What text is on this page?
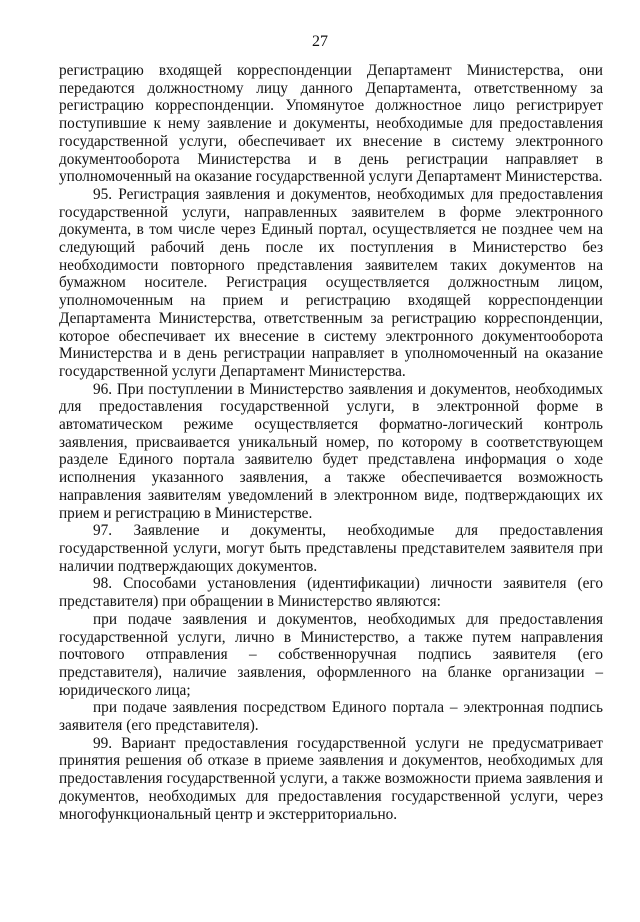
27

регистрацию входящей корреспонденции Департамент Министерства, они передаются должностному лицу данного Департамента, ответственному за регистрацию корреспонденции. Упомянутое должностное лицо регистрирует поступившие к нему заявление и документы, необходимые для предоставления государственной услуги, обеспечивает их внесение в систему электронного документооборота Министерства и в день регистрации направляет в уполномоченный на оказание государственной услуги Департамент Министерства.

95. Регистрация заявления и документов, необходимых для предоставления государственной услуги, направленных заявителем в форме электронного документа, в том числе через Единый портал, осуществляется не позднее чем на следующий рабочий день после их поступления в Министерство без необходимости повторного представления заявителем таких документов на бумажном носителе. Регистрация осуществляется должностным лицом, уполномоченным на прием и регистрацию входящей корреспонденции Департамента Министерства, ответственным за регистрацию корреспонденции, которое обеспечивает их внесение в систему электронного документооборота Министерства и в день регистрации направляет в уполномоченный на оказание государственной услуги Департамент Министерства.

96. При поступлении в Министерство заявления и документов, необходимых для предоставления государственной услуги, в электронной форме в автоматическом режиме осуществляется форматно-логический контроль заявления, присваивается уникальный номер, по которому в соответствующем разделе Единого портала заявителю будет представлена информация о ходе исполнения указанного заявления, а также обеспечивается возможность направления заявителям уведомлений в электронном виде, подтверждающих их прием и регистрацию в Министерстве.

97. Заявление и документы, необходимые для предоставления государственной услуги, могут быть представлены представителем заявителя при наличии подтверждающих документов.

98. Способами установления (идентификации) личности заявителя (его представителя) при обращении в Министерство являются:

при подаче заявления и документов, необходимых для предоставления государственной услуги, лично в Министерство, а также путем направления почтового отправления – собственноручная подпись заявителя (его представителя), наличие заявления, оформленного на бланке организации – юридического лица;

при подаче заявления посредством Единого портала – электронная подпись заявителя (его представителя).

99. Вариант предоставления государственной услуги не предусматривает принятия решения об отказе в приеме заявления и документов, необходимых для предоставления государственной услуги, а также возможности приема заявления и документов, необходимых для предоставления государственной услуги, через многофункциональный центр и экстерриториально.
